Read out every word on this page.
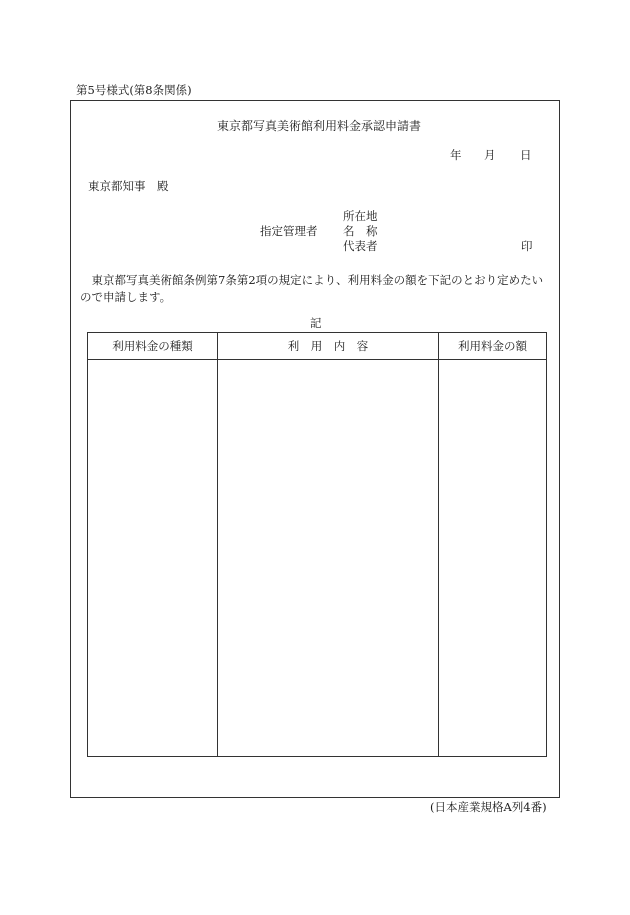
第5号様式(第8条関係)
東京都写真美術館利用料金承認申請書
年 月 日
東京都知事　殿
所在地
指定管理者 名　称
代表者	印
　東京都写真美術館条例第7条第2項の規定により、利用料金の額を下記のとおり定めたいので申請します。
記
利用料金の種類	利　用　内　容	利用料金の額
(日本産業規格A列4番)
